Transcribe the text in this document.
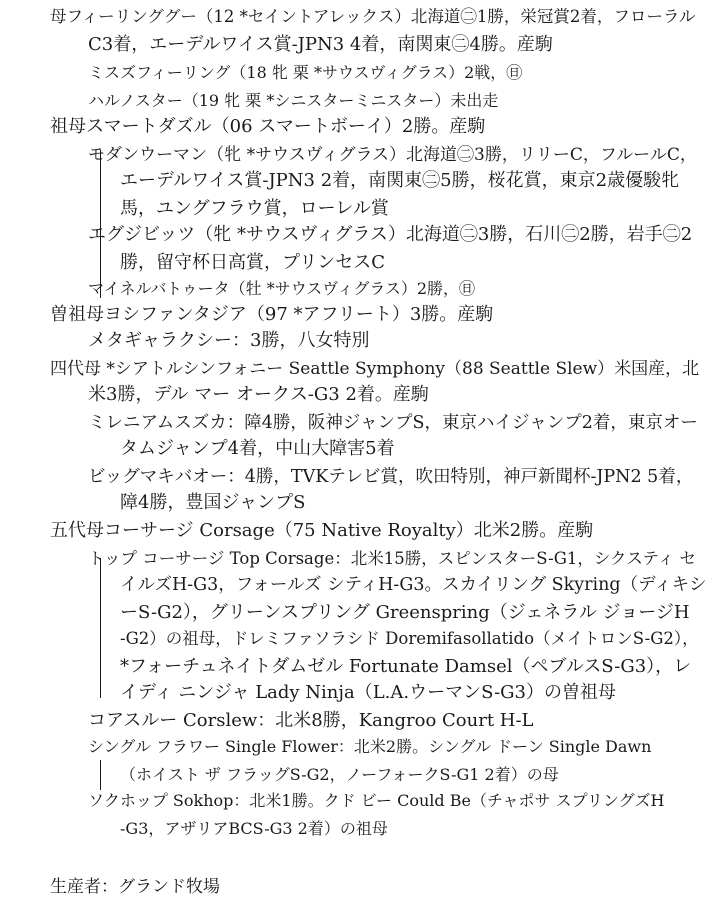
母フィーリンググー（12 *セイントアレックス）北海道㊁1勝，栄冠賞2着，フローラル
C3着，エーデルワイス賞-JPN3 4着，南関東㊁4勝。産駒
ミスズフィーリング（18 牝 栗 *サウスヴィグラス）2戦，㊐
ハルノスター（19 牝 栗 *シニスターミニスター）未出走
祖母スマートダズル（06 スマートボーイ）2勝。産駒
モダンウーマン（牝 *サウスヴィグラス）北海道㊁3勝，リリーC，フルールC，
エーデルワイス賞-JPN3 2着，南関東㊁5勝，桜花賞，東京2歳優駿牝
馬，ユングフラウ賞，ローレル賞
エグジビッツ（牝 *サウスヴィグラス）北海道㊁3勝，石川㊁2勝，岩手㊁2
勝，留守杯日高賞，プリンセスC
マイネルバトゥータ（牡 *サウスヴィグラス）2勝，㊐
曽祖母ヨシファンタジア（97 *アフリート）3勝。産駒
メタギャラクシー：3勝，八女特別
四代母 *シアトルシンフォニー Seattle Symphony（88 Seattle Slew）米国産，北
米3勝，デル マー オークス-G3 2着。産駒
ミレニアムスズカ：障4勝，阪神ジャンプS，東京ハイジャンプ2着，東京オー
タムジャンプ4着，中山大障害5着
ビッグマキバオー：4勝，TVKテレビ賞，吹田特別，神戸新聞杯-JPN2 5着，
障4勝，豊国ジャンプS
五代母コーサージ Corsage（75 Native Royalty）北米2勝。産駒
トップ コーサージ Top Corsage：北米15勝，スピンスターS-G1，シクスティ セ
イルズH-G3，フォールズ シティH-G3。スカイリング Skyring（ディキシ
ーS-G2），グリーンスプリング Greenspring（ジェネラル ジョージH
-G2）の祖母，ドレミファソラシド Doremifasollatido（メイトロンS-G2），
*フォーチュネイトダムゼル Fortunate Damsel（ペブルスS-G3），レ
イディ ニンジャ Lady Ninja（L.A.ウーマンS-G3）の曽祖母
コアスルー Corslew：北米8勝，Kangroo Court H-L
シングル フラワー Single Flower：北米2勝。シングル ドーン Single Dawn
（ホイスト ザ フラッグS-G2，ノーフォークS-G1 2着）の母
ソクホップ Sokhop：北米1勝。クド ビー Could Be（チャポサ スプリングズH
-G3，アザリアBCS-G3 2着）の祖母
生産者：グランド牧場
